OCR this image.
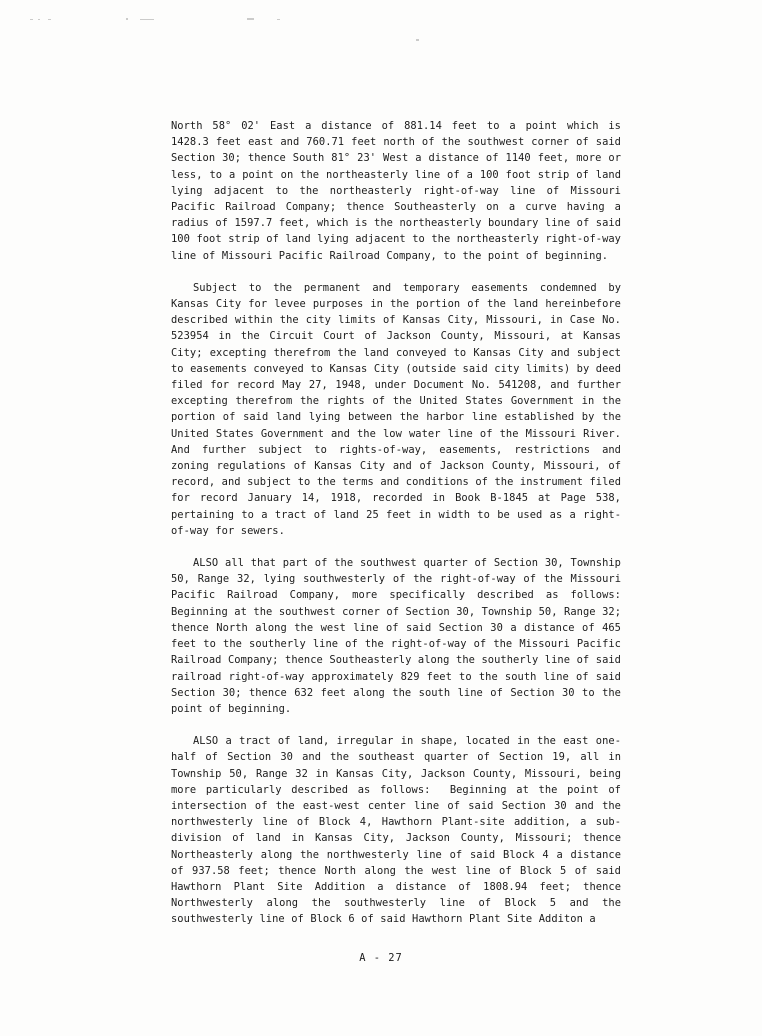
North 58° 02' East a distance of 881.14 feet to a point which is 1428.3 feet east and 760.71 feet north of the southwest corner of said Section 30; thence South 81° 23' West a distance of 1140 feet, more or less, to a point on the northeasterly line of a 100 foot strip of land lying adjacent to the northeasterly right-of-way line of Missouri Pacific Railroad Company; thence Southeasterly on a curve having a radius of 1597.7 feet, which is the northeasterly boundary line of said 100 foot strip of land lying adjacent to the northeasterly right-of-way line of Missouri Pacific Railroad Company, to the point of beginning.

Subject to the permanent and temporary easements condemned by Kansas City for levee purposes in the portion of the land hereinbefore described within the city limits of Kansas City, Missouri, in Case No. 523954 in the Circuit Court of Jackson County, Missouri, at Kansas City; excepting therefrom the land conveyed to Kansas City and subject to easements conveyed to Kansas City (outside said city limits) by deed filed for record May 27, 1948, under Document No. 541208, and further excepting therefrom the rights of the United States Government in the portion of said land lying between the harbor line established by the United States Government and the low water line of the Missouri River.  And further subject to rights-of-way, easements, restrictions and zoning regulations of Kansas City and of Jackson County, Missouri, of record, and subject to the terms and conditions of the instrument filed for record January 14, 1918, recorded in Book B-1845 at Page 538, pertaining to a tract of land 25 feet in width to be used as a right-of-way for sewers.

ALSO all that part of the southwest quarter of Section 30, Township 50, Range 32, lying southwesterly of the right-of-way of the Missouri Pacific Railroad Company, more specifically described as follows:  Beginning at the southwest corner of Section 30, Township 50, Range 32; thence North along the west line of said Section 30 a distance of 465 feet to the southerly line of the right-of-way of the Missouri Pacific Railroad Company; thence Southeasterly along the southerly line of said railroad right-of-way approximately 829 feet to the south line of said Section 30; thence 632 feet along the south line of Section 30 to the point of beginning.

ALSO a tract of land, irregular in shape, located in the east one-half of Section 30 and the southeast quarter of Section 19, all in Township 50, Range 32 in Kansas City, Jackson County, Missouri, being more particularly described as follows:  Beginning at the point of intersection of the east-west center line of said Section 30 and the northwesterly line of Block 4, Hawthorn Plant-site addition, a sub-division of land in Kansas City, Jackson County, Missouri; thence Northeasterly along the northwesterly line of said Block 4 a distance of 937.58 feet; thence North along the west line of Block 5 of said Hawthorn Plant Site Addition a distance of 1808.94 feet; thence Northwesterly along the southwesterly line of Block 5 and the southwesterly line of Block 6 of said Hawthorn Plant Site Additon a

A - 27
